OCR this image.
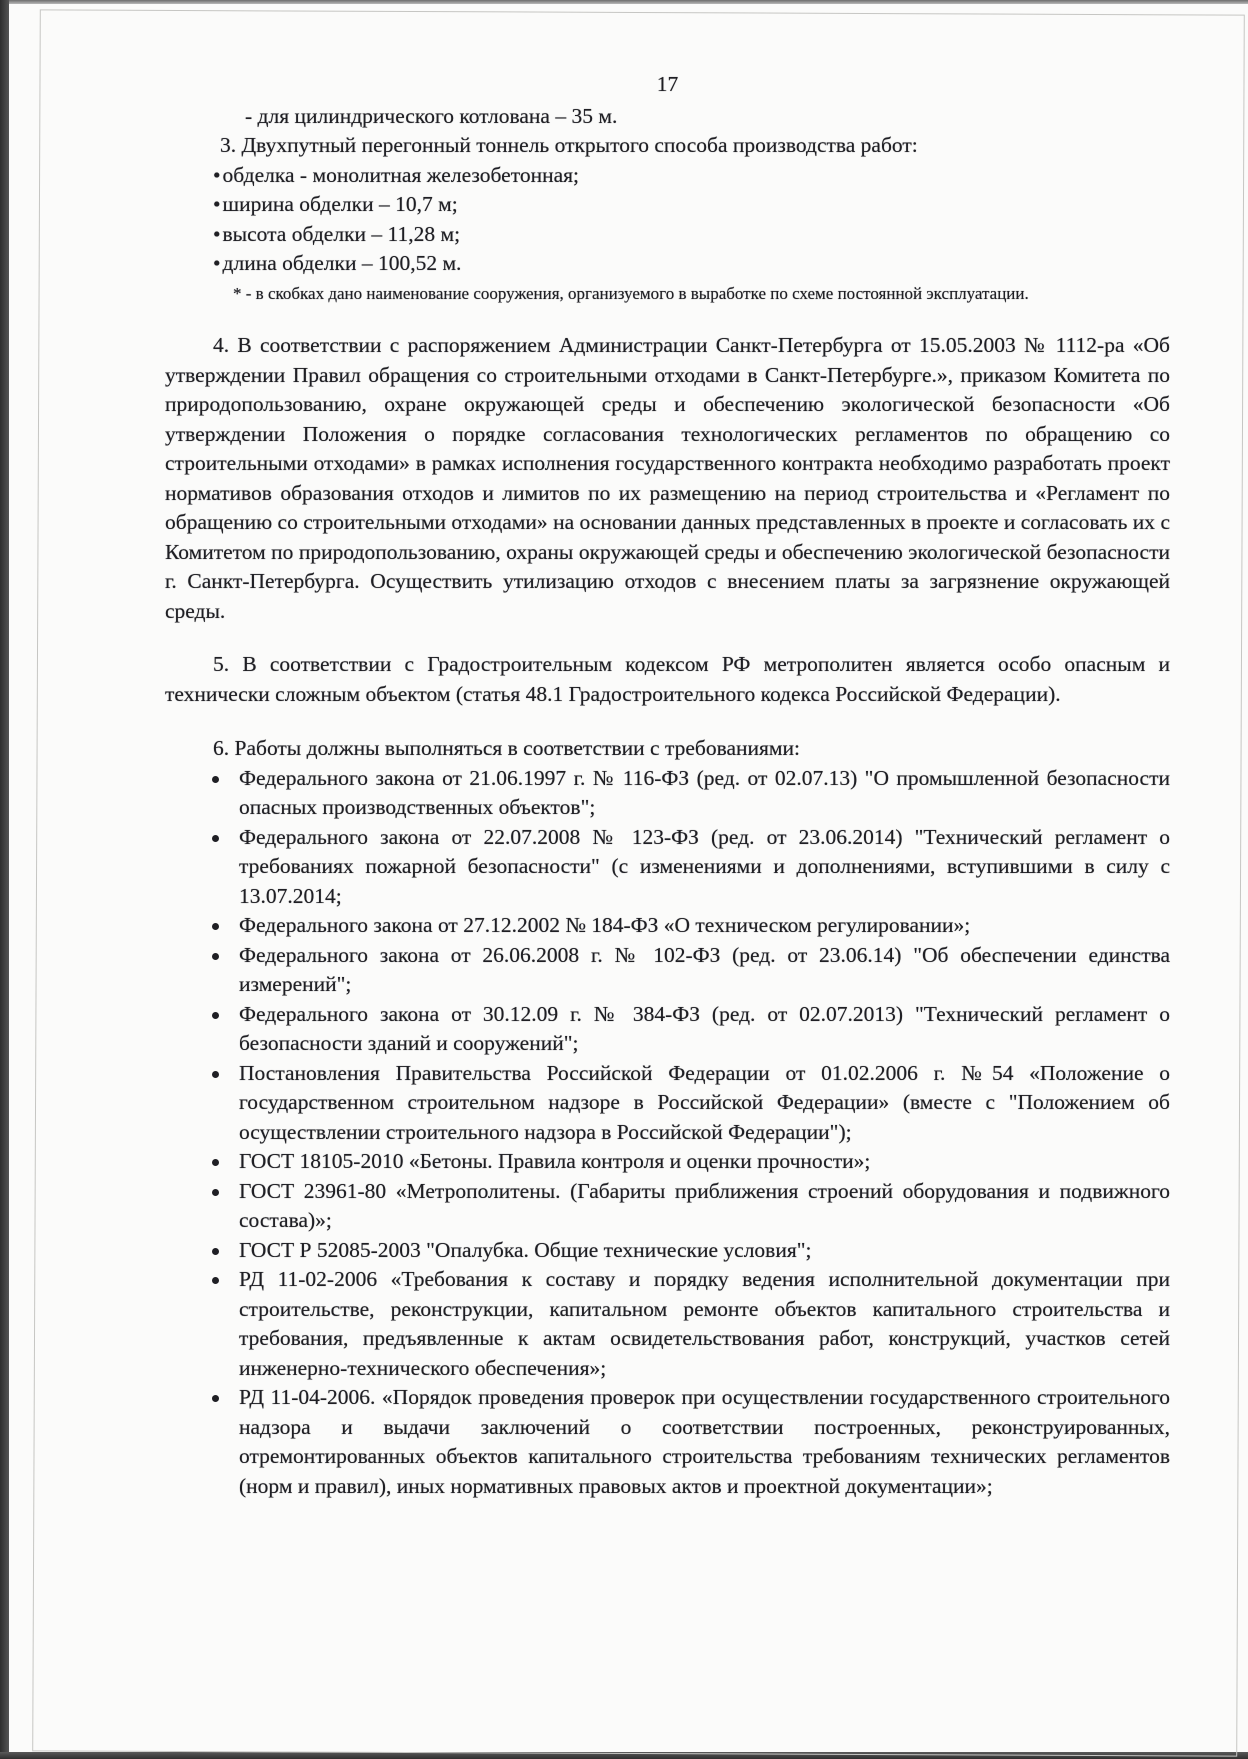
17
- для цилиндрического котлована – 35 м.
3. Двухпутный перегонный тоннель открытого способа производства работ:
•обделка - монолитная железобетонная;
•ширина обделки – 10,7 м;
•высота обделки – 11,28 м;
•длина обделки – 100,52 м.
* - в скобках дано наименование сооружения, организуемого в выработке по схеме постоянной эксплуатации.

4. В соответствии с распоряжением Администрации Санкт-Петербурга от 15.05.2003 № 1112-ра «Об утверждении Правил обращения со строительными отходами в Санкт-Петербурге.», приказом Комитета по природопользованию, охране окружающей среды и обеспечению экологической безопасности «Об утверждении Положения о порядке согласования технологических регламентов по обращению со строительными отходами» в рамках исполнения государственного контракта необходимо разработать проект нормативов образования отходов и лимитов по их размещению на период строительства и «Регламент по обращению со строительными отходами» на основании данных представленных в проекте и согласовать их с Комитетом по природопользованию, охраны окружающей среды и обеспечению экологической безопасности г. Санкт-Петербурга. Осуществить утилизацию отходов с внесением платы за загрязнение окружающей среды.

5. В соответствии с Градостроительным кодексом РФ метрополитен является особо опасным и технически сложным объектом (статья 48.1 Градостроительного кодекса Российской Федерации).

6. Работы должны выполняться в соответствии с требованиями:
Федерального закона от 21.06.1997 г. № 116-ФЗ (ред. от 02.07.13) "О промышленной безопасности опасных производственных объектов";
Федерального закона от 22.07.2008 № 123-ФЗ (ред. от 23.06.2014) "Технический регламент о требованиях пожарной безопасности" (с изменениями и дополнениями, вступившими в силу с 13.07.2014;
Федерального закона от 27.12.2002 № 184-ФЗ «О техническом регулировании»;
Федерального закона от 26.06.2008 г. № 102-ФЗ (ред. от 23.06.14) "Об обеспечении единства измерений";
Федерального закона от 30.12.09 г. № 384-ФЗ (ред. от 02.07.2013) "Технический регламент о безопасности зданий и сооружений";
Постановления Правительства Российской Федерации от 01.02.2006 г. №54 «Положение о государственном строительном надзоре в Российской Федерации» (вместе с "Положением об осуществлении строительного надзора в Российской Федерации");
ГОСТ 18105-2010 «Бетоны. Правила контроля и оценки прочности»;
ГОСТ 23961-80 «Метрополитены. (Габариты приближения строений оборудования и подвижного состава)»;
ГОСТ Р 52085-2003 "Опалубка. Общие технические условия";
РД 11-02-2006 «Требования к составу и порядку ведения исполнительной документации при строительстве, реконструкции, капитальном ремонте объектов капитального строительства и требования, предъявленные к актам освидетельствования работ, конструкций, участков сетей инженерно-технического обеспечения»;
РД 11-04-2006. «Порядок проведения проверок при осуществлении государственного строительного надзора и выдачи заключений о соответствии построенных, реконструированных, отремонтированных объектов капитального строительства требованиям технических регламентов (норм и правил), иных нормативных правовых актов и проектной документации»;
